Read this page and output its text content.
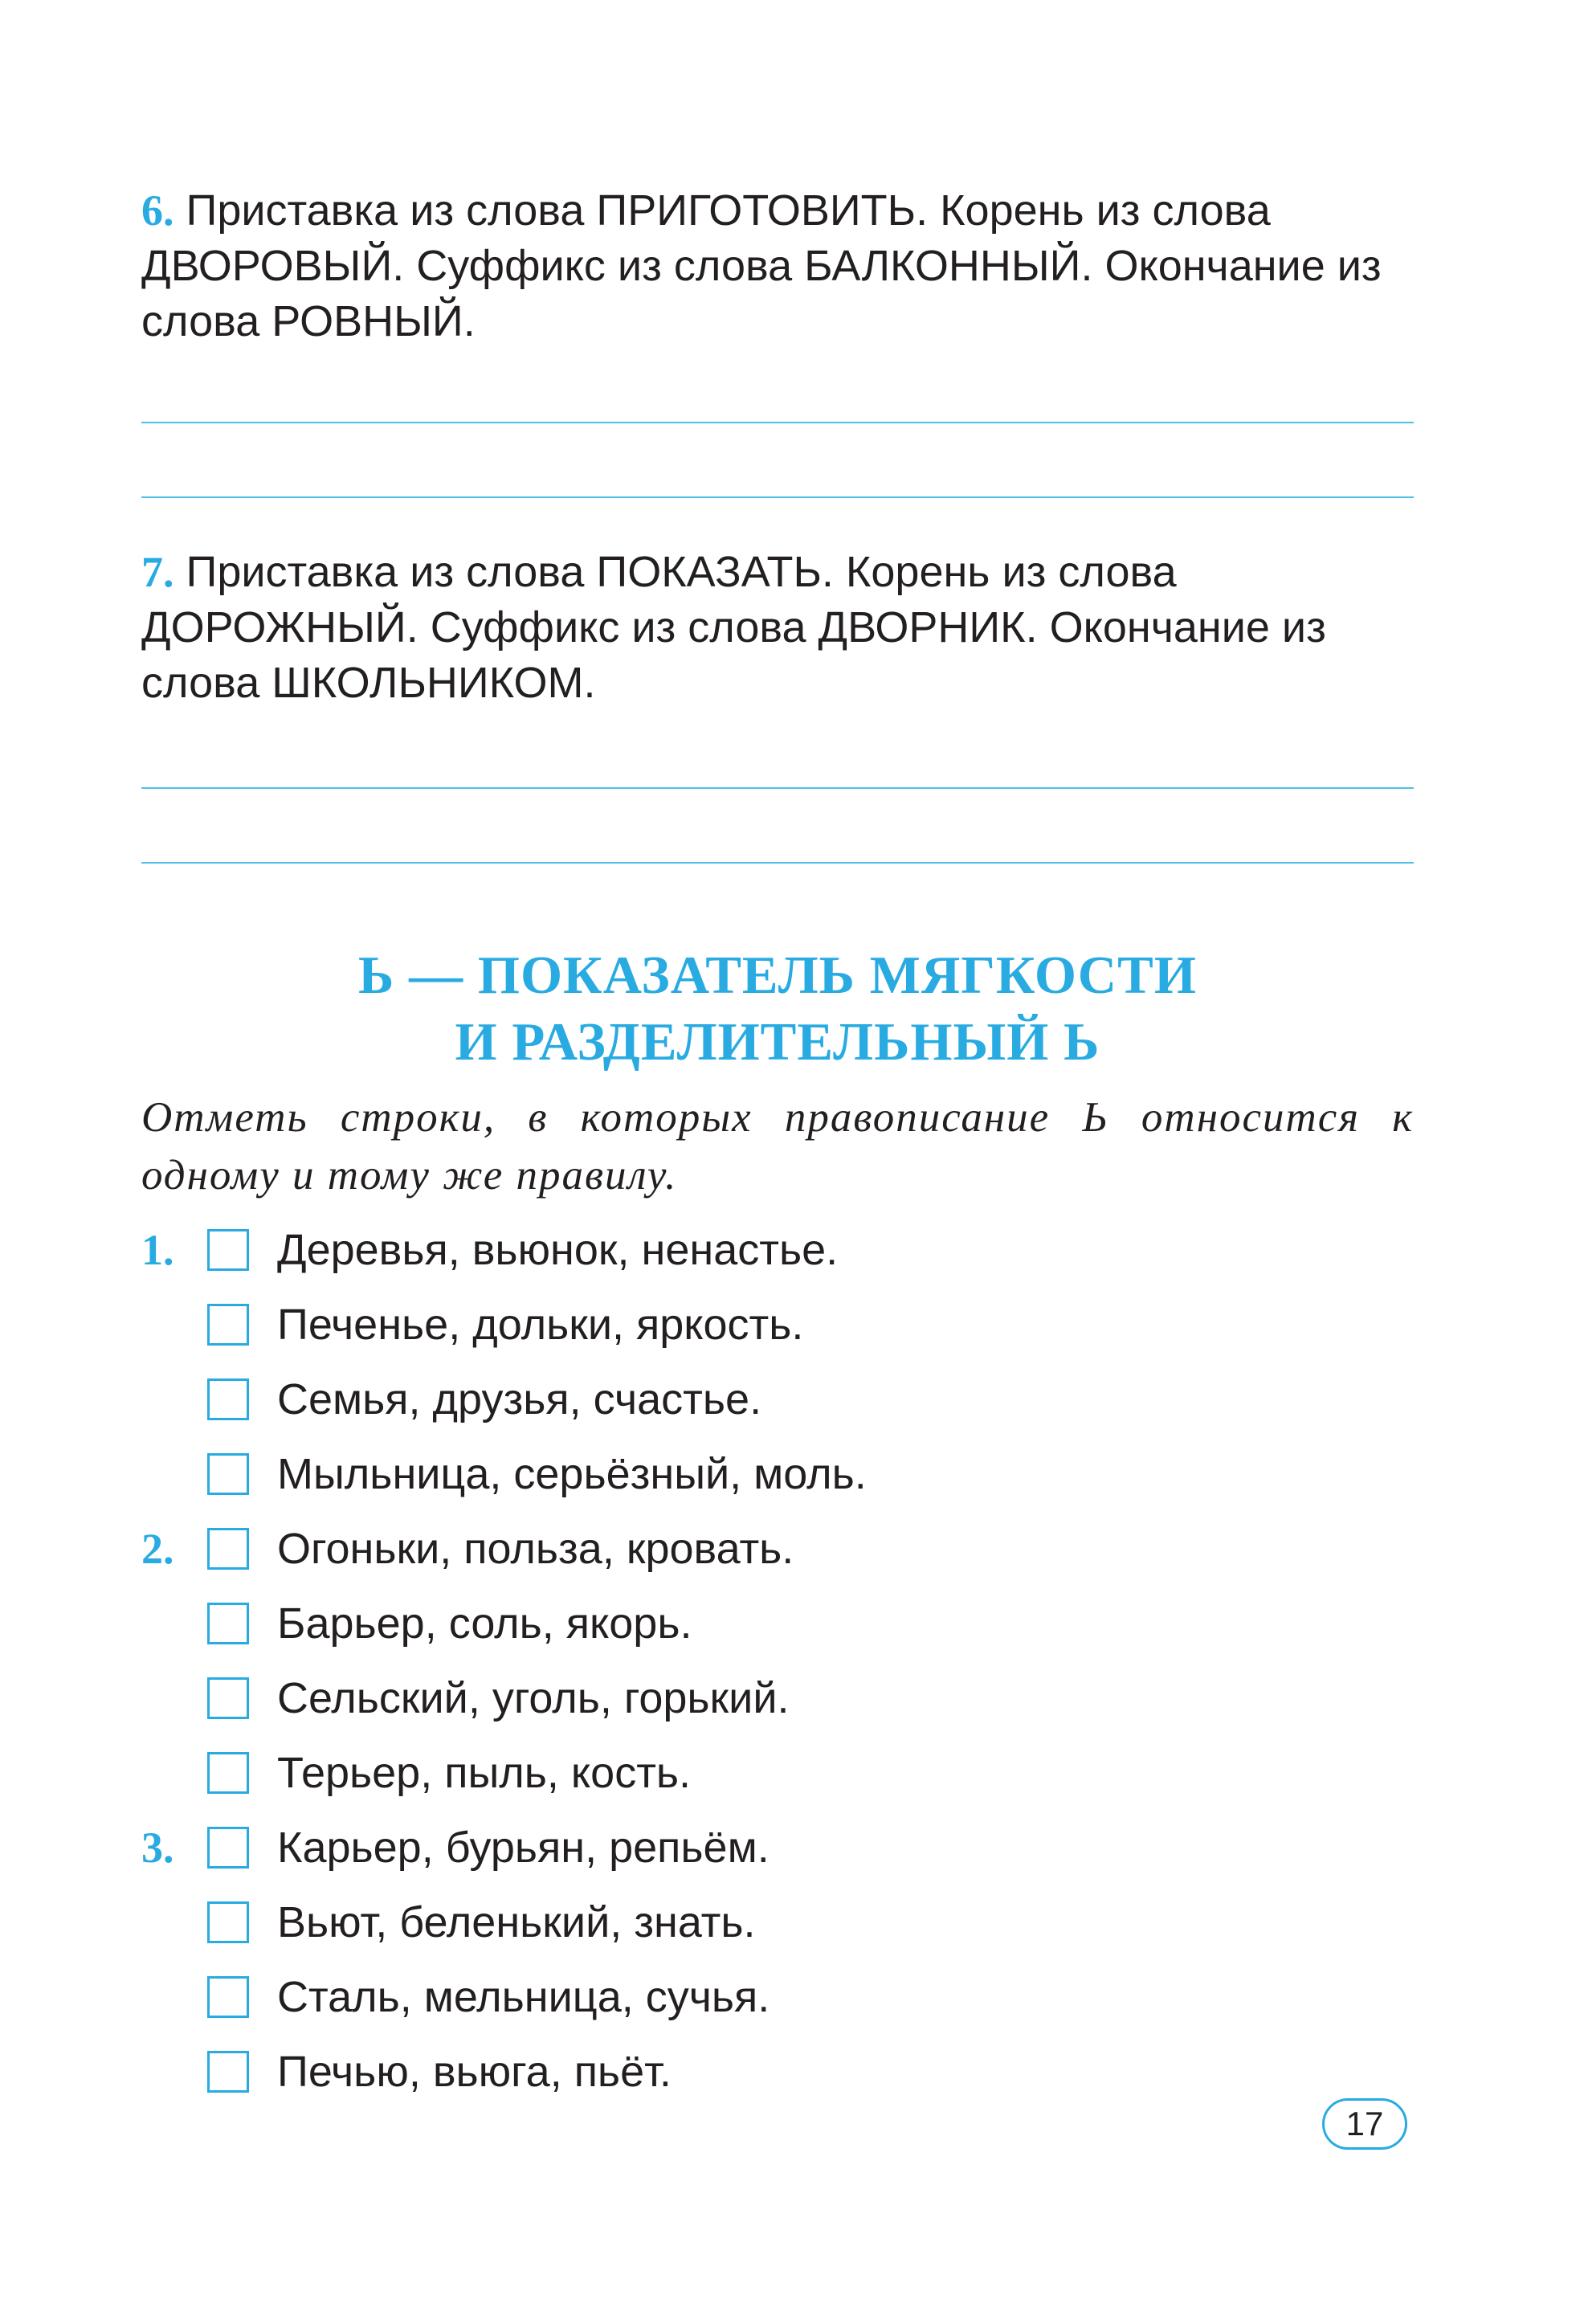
6. Приставка из слова ПРИГОТОВИТЬ. Корень из слова ДВОРОВЫЙ. Суффикс из слова БАЛКОННЫЙ. Окончание из слова РОВНЫЙ.

7. Приставка из слова ПОКАЗАТЬ. Корень из слова ДОРОЖНЫЙ. Суффикс из слова ДВОРНИК. Окончание из слова ШКОЛЬНИКОМ.

Ь — ПОКАЗАТЕЛЬ МЯГКОСТИ
И РАЗДЕЛИТЕЛЬНЫЙ Ь

Отметь строки, в которых правописание Ь относится к одному и тому же правилу.

1.	Деревья, вьюнок, ненастье.
Печенье, дольки, яркость.
Семья, друзья, счастье.
Мыльница, серьёзный, моль.
2.	Огоньки, польза, кровать.
Барьер, соль, якорь.
Сельский, уголь, горький.
Терьер, пыль, кость.
3.	Карьер, бурьян, репьём.
Вьют, беленький, знать.
Сталь, мельница, сучья.
Печью, вьюга, пьёт.
17
